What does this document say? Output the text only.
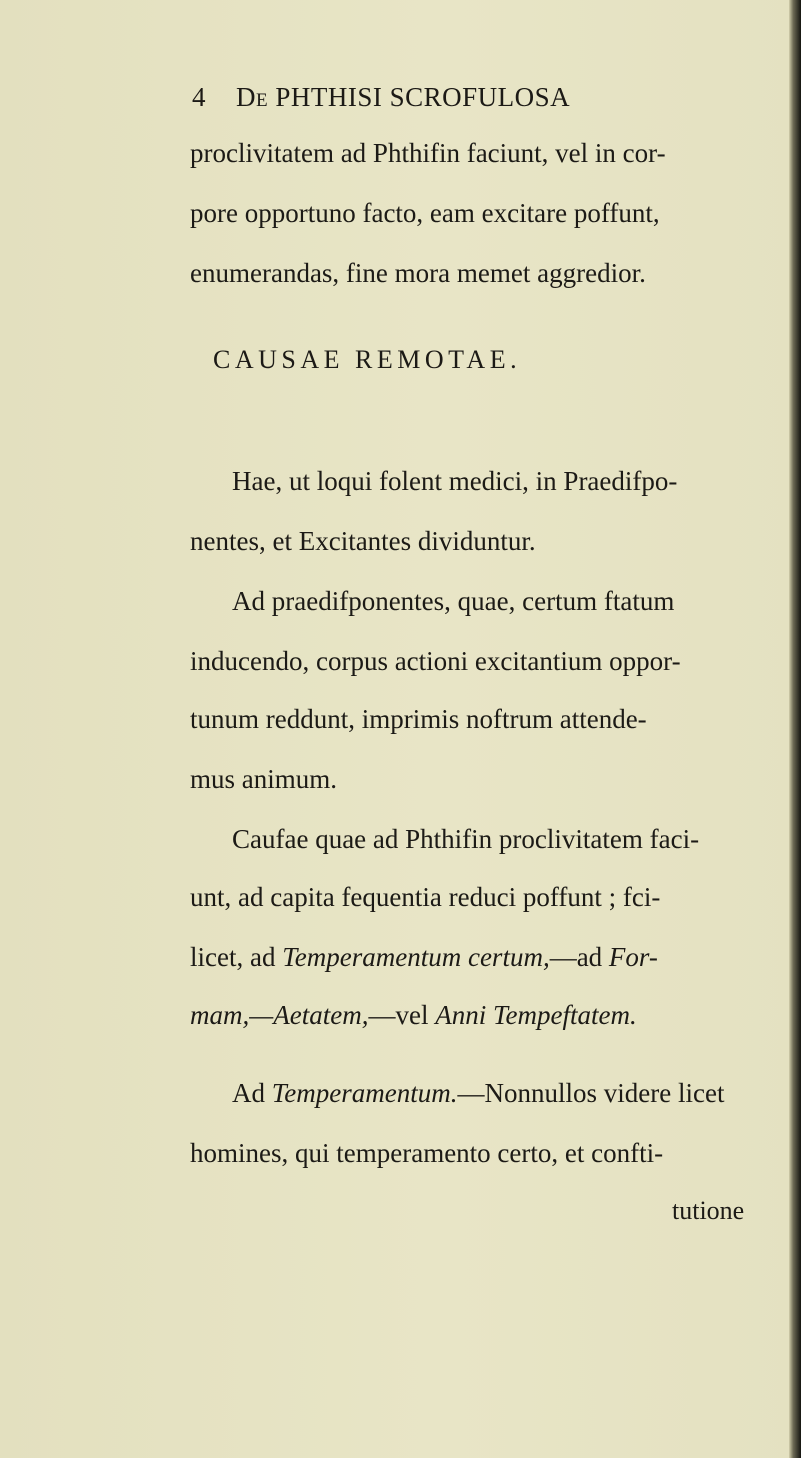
4 De PHTHISI SCROFULOSA
proclivitatem ad Phthifin faciunt, vel in cor-
pore opportuno facto, eam excitare poffunt,
enumerandas, fine mora memet aggredior.
CAUSAE REMOTAE.
Hae, ut loqui folent medici, in Praedifpo-
nentes, et Excitantes dividuntur.
Ad praedifponentes, quae, certum ftatum
inducendo, corpus actioni excitantium oppor-
tunum reddunt, imprimis noftrum attende-
mus animum.
Caufae quae ad Phthifin proclivitatem faci-
unt, ad capita fequentia reduci poffunt ; fci-
licet, ad Temperamentum certum,—ad For-
mam,—Aetatem,—vel Anni Tempeftatem.
Ad Temperamentum.—Nonnullos videre licet
homines, qui temperamento certo, et confti-
tutione
